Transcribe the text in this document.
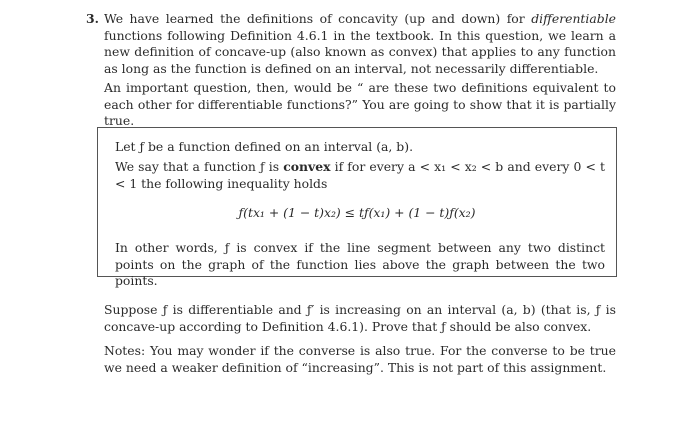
3. We have learned the definitions of concavity (up and down) for differentiable functions following Definition 4.6.1 in the textbook. In this question, we learn a new definition of concave-up (also known as convex) that applies to any function as long as the function is defined on an interval, not necessarily differentiable.

An important question, then, would be “ are these two definitions equivalent to each other for differentiable functions?” You are going to show that it is partially true.

Let ƒ be a function defined on an interval (a, b).

We say that a function ƒ is convex if for every a < x₁ < x₂ < b and every 0 < t < 1 the following inequality holds

ƒ(tx₁ + (1 − t)x₂) ≤ tƒ(x₁) + (1 − t)ƒ(x₂)

In other words, ƒ is convex if the line segment between any two distinct points on the graph of the function lies above the graph between the two points.

Suppose ƒ is differentiable and ƒ′ is increasing on an interval (a, b) (that is, ƒ is concave-up according to Definition 4.6.1). Prove that ƒ should be also convex.

Notes: You may wonder if the converse is also true. For the converse to be true we need a weaker definition of “increasing”. This is not part of this assignment.
